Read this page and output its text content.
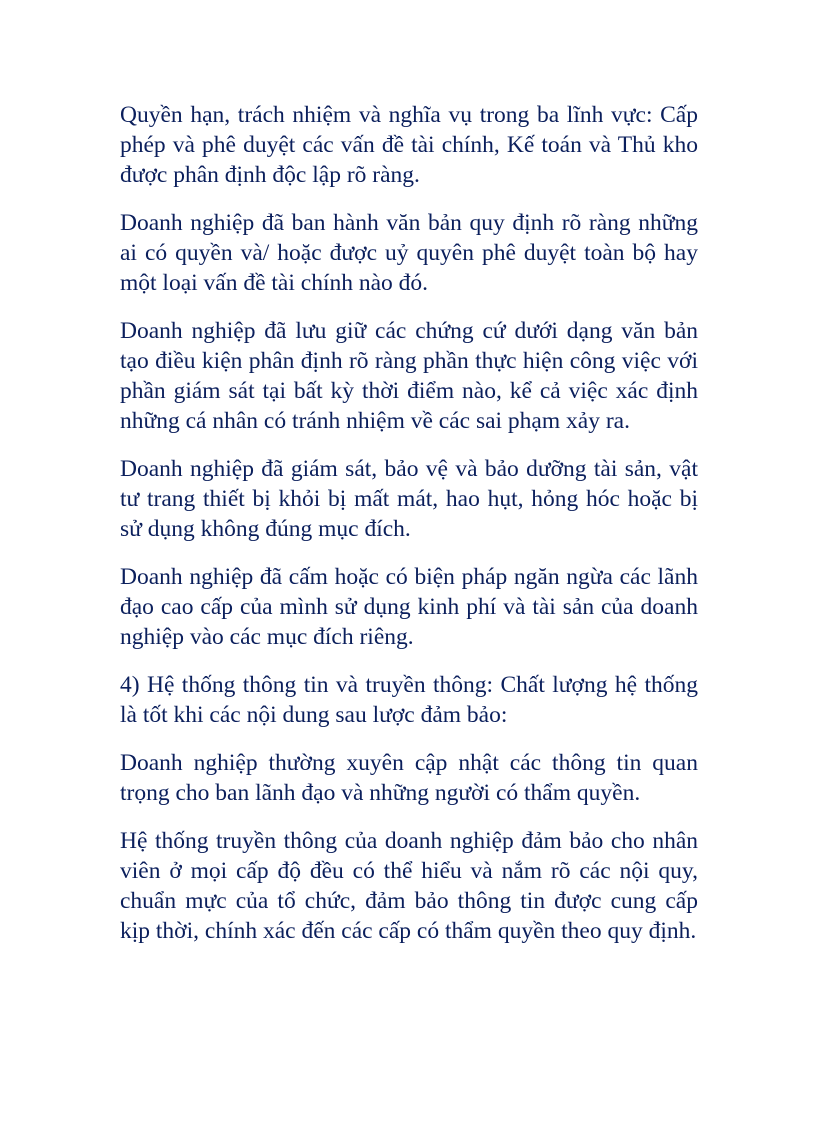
Quyền hạn, trách nhiệm và nghĩa vụ trong ba lĩnh vực: Cấp phép và phê duyệt các vấn đề tài chính, Kế toán và Thủ kho được phân định độc lập rõ ràng.

Doanh nghiệp đã ban hành văn bản quy định rõ ràng những ai có quyền và/ hoặc được uỷ quyên phê duyệt toàn bộ hay một loại vấn đề tài chính nào đó.

Doanh nghiệp đã lưu giữ các chứng cứ dưới dạng văn bản tạo điều kiện phân định rõ ràng phần thực hiện công việc với phần giám sát tại bất kỳ thời điểm nào, kể cả việc xác định những cá nhân có tránh nhiệm về các sai phạm xảy ra.

Doanh nghiệp đã giám sát, bảo vệ và bảo dưỡng tài sản, vật tư trang thiết bị khỏi bị mất mát, hao hụt, hỏng hóc hoặc bị sử dụng không đúng mục đích.

Doanh nghiệp đã cấm hoặc có biện pháp ngăn ngừa các lãnh đạo cao cấp của mình sử dụng kinh phí và tài sản của doanh nghiệp vào các mục đích riêng.

4) Hệ thống thông tin và truyền thông: Chất lượng hệ thống là tốt khi các nội dung sau lược đảm bảo:

Doanh nghiệp thường xuyên cập nhật các thông tin quan trọng cho ban lãnh đạo và những người có thẩm quyền.

Hệ thống truyền thông của doanh nghiệp đảm bảo cho nhân viên ở mọi cấp độ đều có thể hiểu và nắm rõ các nội quy, chuẩn mực của tổ chức, đảm bảo thông tin được cung cấp kịp thời, chính xác đến các cấp có thẩm quyền theo quy định.
